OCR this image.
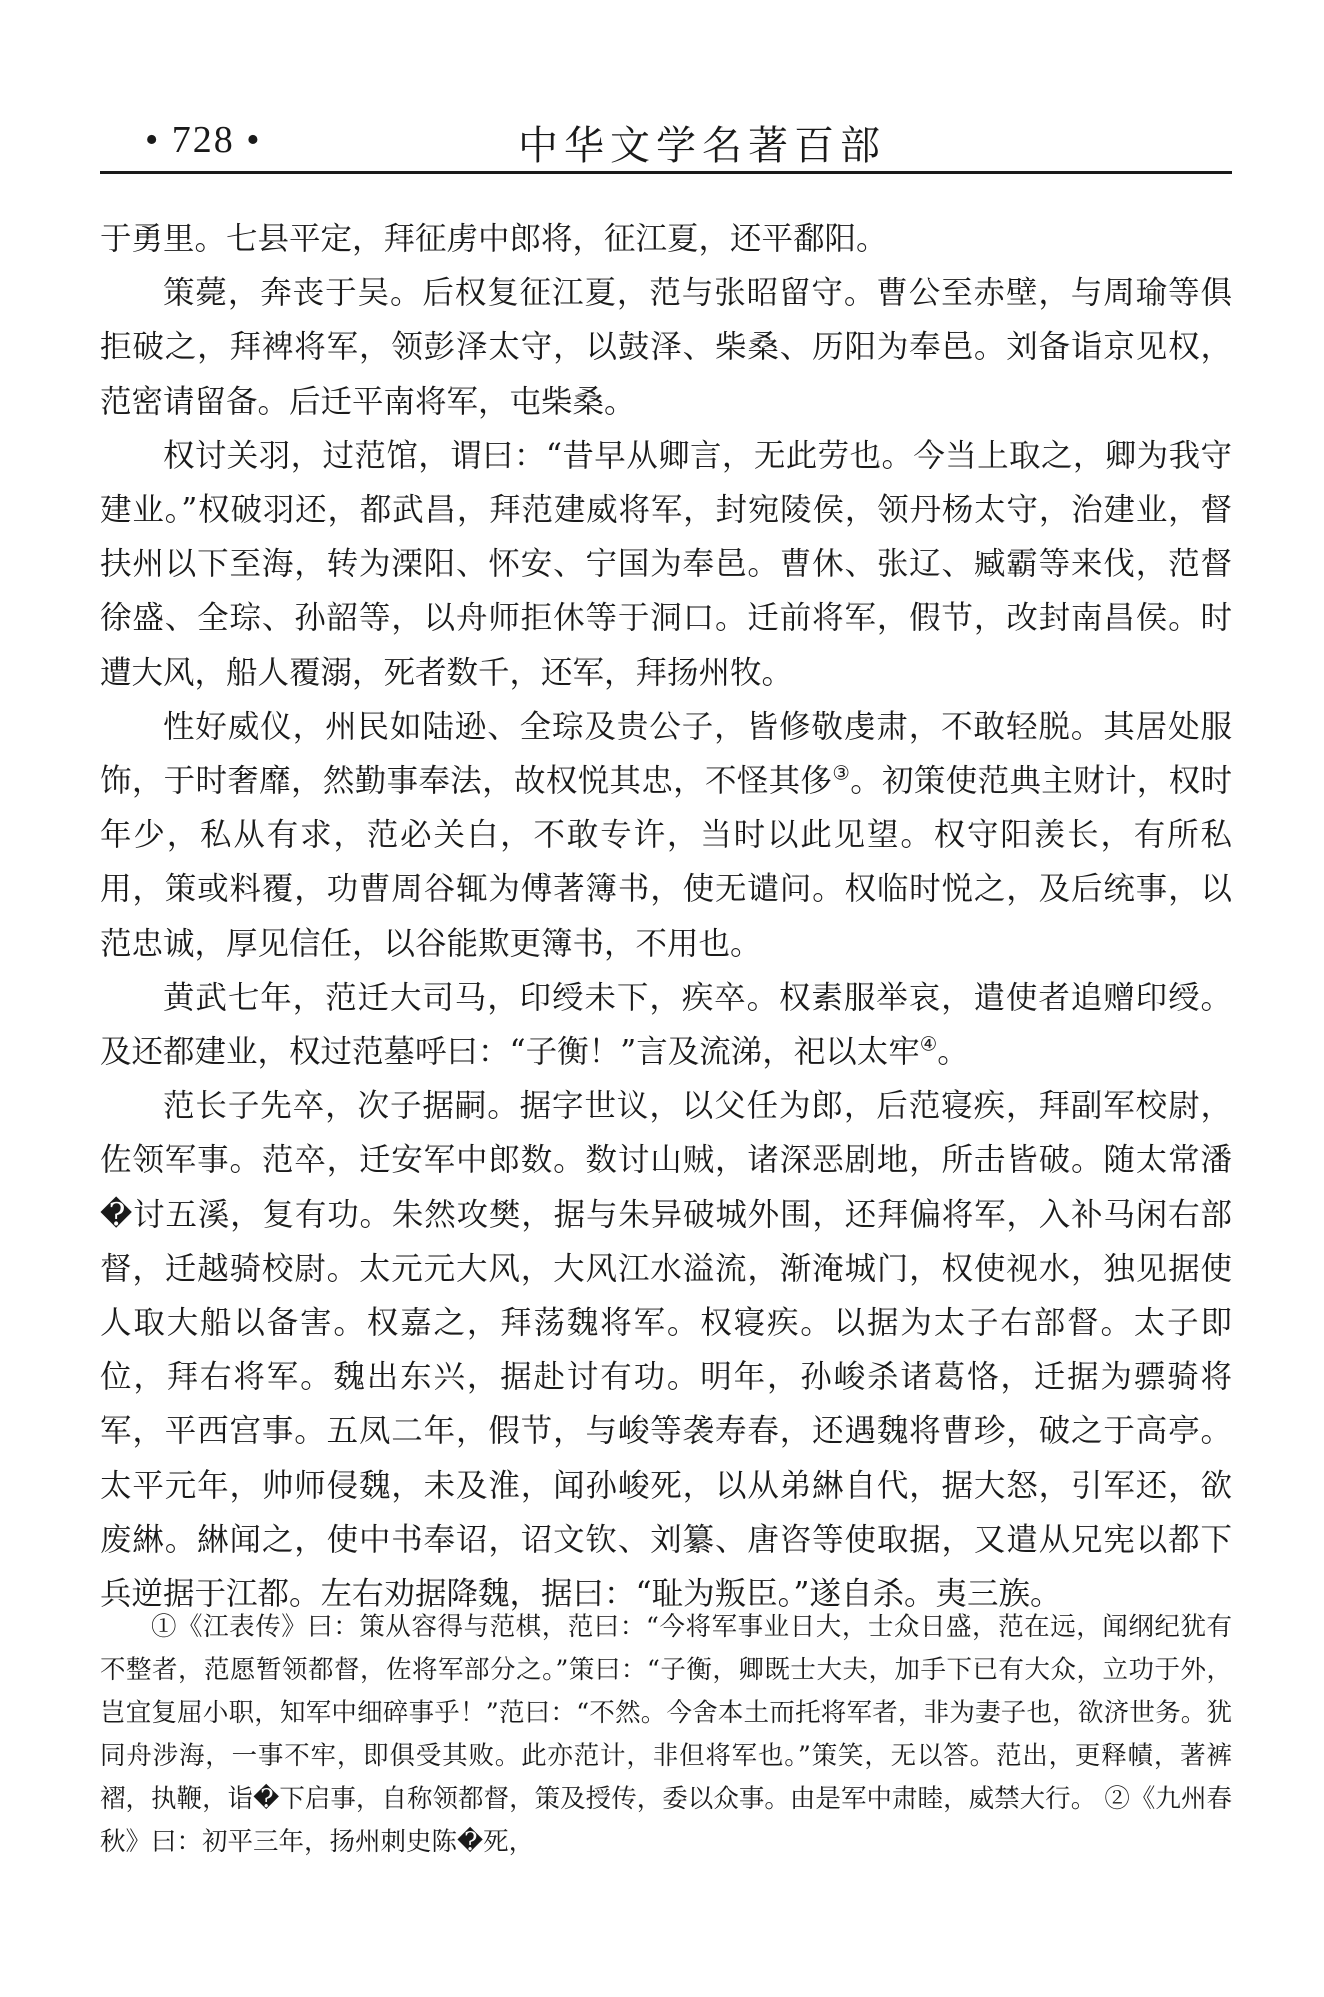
• 728 •	中华文学名著百部

于勇里。七县平定，拜征虏中郎将，征江夏，还平鄱阳。

策薨，奔丧于吴。后权复征江夏，范与张昭留守。曹公至赤壁，与周瑜等俱拒破之，拜裨将军，领彭泽太守，以鼓泽、柴桑、历阳为奉邑。刘备诣京见权，范密请留备。后迁平南将军，屯柴桑。

权讨关羽，过范馆，谓曰：“昔早从卿言，无此劳也。今当上取之，卿为我守建业。”权破羽还，都武昌，拜范建威将军，封宛陵侯，领丹杨太守，治建业，督扶州以下至海，转为溧阳、怀安、宁国为奉邑。曹休、张辽、臧霸等来伐，范督徐盛、全琮、孙韶等，以舟师拒休等于洞口。迁前将军，假节，改封南昌侯。时遭大风，船人覆溺，死者数千，还军，拜扬州牧。

性好威仪，州民如陆逊、全琮及贵公子，皆修敬虔肃，不敢轻脱。其居处服饰，于时奢靡，然勤事奉法，故权悦其忠，不怪其侈③。初策使范典主财计，权时年少，私从有求，范必关白，不敢专许，当时以此见望。权守阳羡长，有所私用，策或料覆，功曹周谷辄为傅著簿书，使无谴问。权临时悦之，及后统事，以范忠诚，厚见信任，以谷能欺更簿书，不用也。

黄武七年，范迁大司马，印绶未下，疾卒。权素服举哀，遣使者追赠印绶。及还都建业，权过范墓呼曰：“子衡！”言及流涕，祀以太牢④。

范长子先卒，次子据嗣。据字世议，以父任为郎，后范寝疾，拜副军校尉，佐领军事。范卒，迁安军中郎数。数讨山贼，诸深恶剧地，所击皆破。随太常潘�讨五溪，复有功。朱然攻樊，据与朱异破城外围，还拜偏将军，入补马闲右部督，迁越骑校尉。太元元大风，大风江水溢流，渐淹城门，权使视水，独见据使人取大船以备害。权嘉之，拜荡魏将军。权寝疾。以据为太子右部督。太子即位，拜右将军。魏出东兴，据赴讨有功。明年，孙峻杀诸葛恪，迁据为骠骑将军，平西宫事。五凤二年，假节，与峻等袭寿春，还遇魏将曹珍，破之于高亭。太平元年，帅师侵魏，未及淮，闻孙峻死，以从弟綝自代，据大怒，引军还，欲废綝。綝闻之，使中书奉诏，诏文钦、刘纂、唐咨等使取据，又遣从兄宪以都下兵逆据于江都。左右劝据降魏，据曰：“耻为叛臣。”遂自杀。夷三族。

①《江表传》曰：策从容得与范棋，范曰：“今将军事业日大，士众日盛，范在远，闻纲纪犹有不整者，范愿暂领都督，佐将军部分之。”策曰：“子衡，卿既士大夫，加手下已有大众，立功于外，岂宜复屈小职，知军中细碎事乎！”范曰：“不然。今舍本土而托将军者，非为妻子也，欲济世务。犹同舟涉海，一事不牢，即俱受其败。此亦范计，非但将军也。”策笑，无以答。范出，更释幘，著裤褶，执鞭，诣�下启事，自称领都督，策及授传，委以众事。由是军中肃睦，威禁大行。 ②《九州春秋》曰：初平三年，扬州刺史陈�死，
